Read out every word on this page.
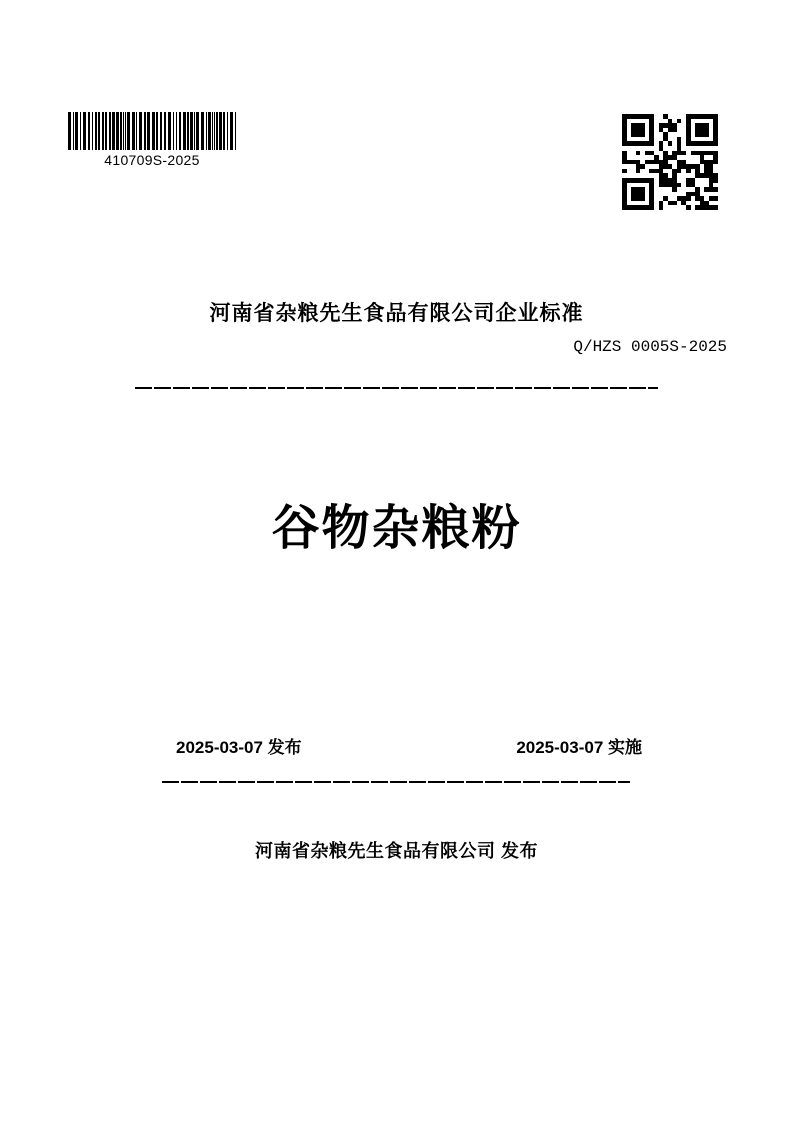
410709S-2025
河南省杂粮先生食品有限公司企业标准
Q/HZS 0005S-2025
谷物杂粮粉
2025-03-07 发布	2025-03-07 实施
河南省杂粮先生食品有限公司 发布
